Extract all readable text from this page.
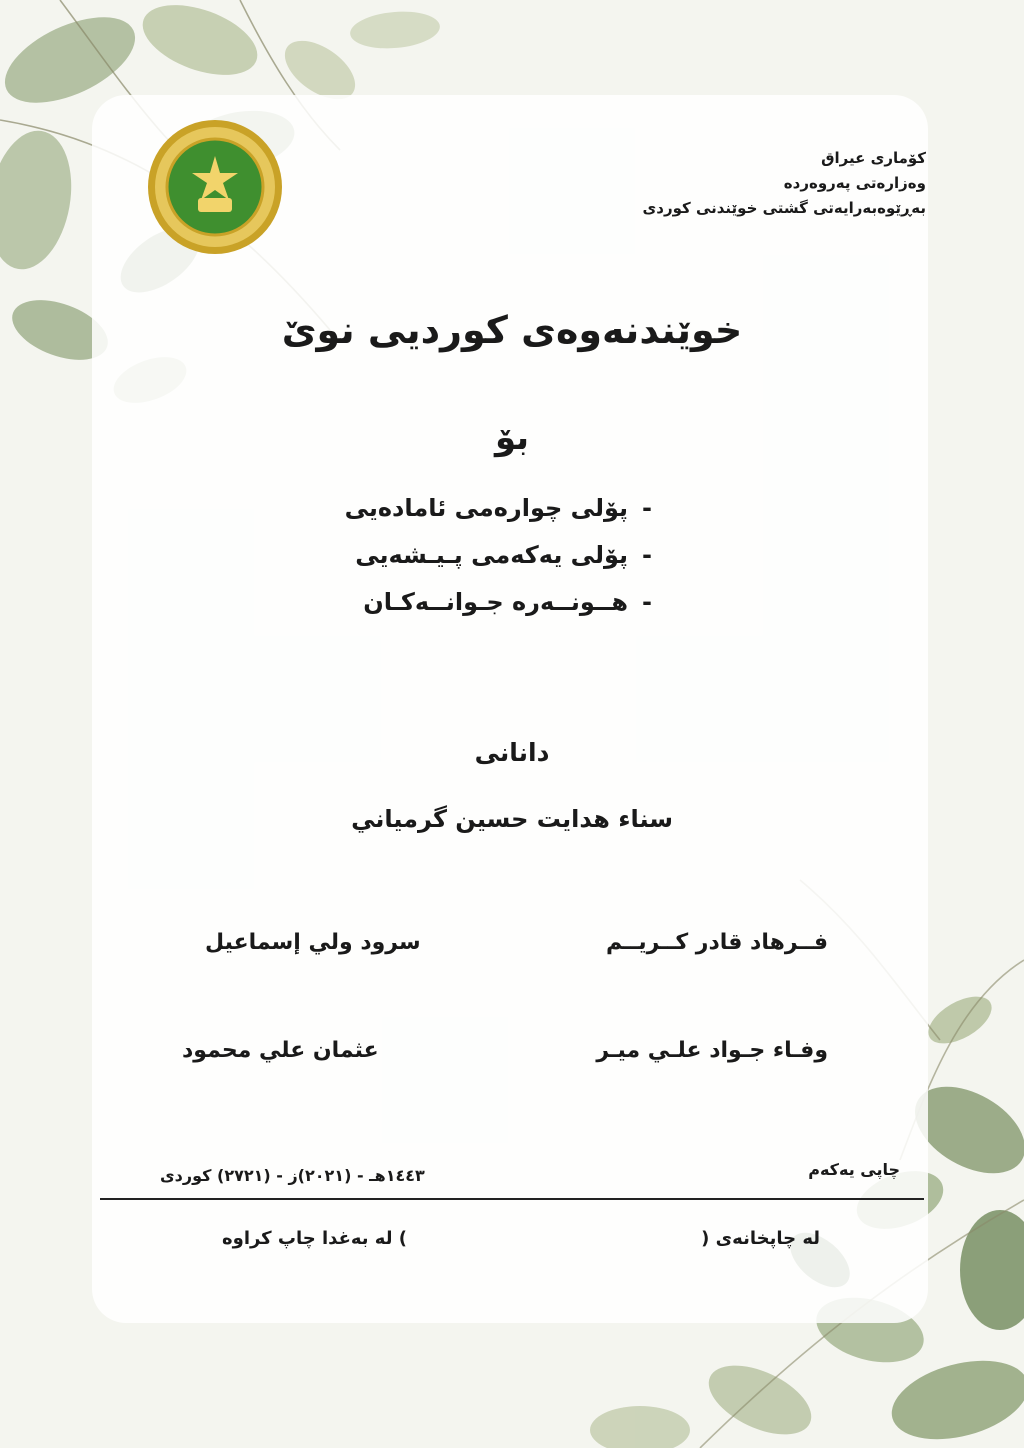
کۆماری عیراق
وەزارەتی پەروەردە
بەڕێوەبەرایەتی گشتی خوێندنی کوردی
خوێندنەوەی کوردیی نوێ
بۆ
-پۆلی چوارەمی ئامادەیی
-پۆلی یەکەمی پـیـشەیی
-هــونــەرە جـوانــەکـان
دانانی
سناء هدايت حسين گرمياني
فــرهاد قادر كــريــم
سرود ولي إسماعيل
وفـاء جـواد علـي ميـر
عثمان علي محمود
چاپی یەکەم
١٤٤٣هـ - (٢٠٢١)ز - (٢٧٢١) کوردی
لە چاپخانەی (
) لە بەغدا چاپ کراوە
